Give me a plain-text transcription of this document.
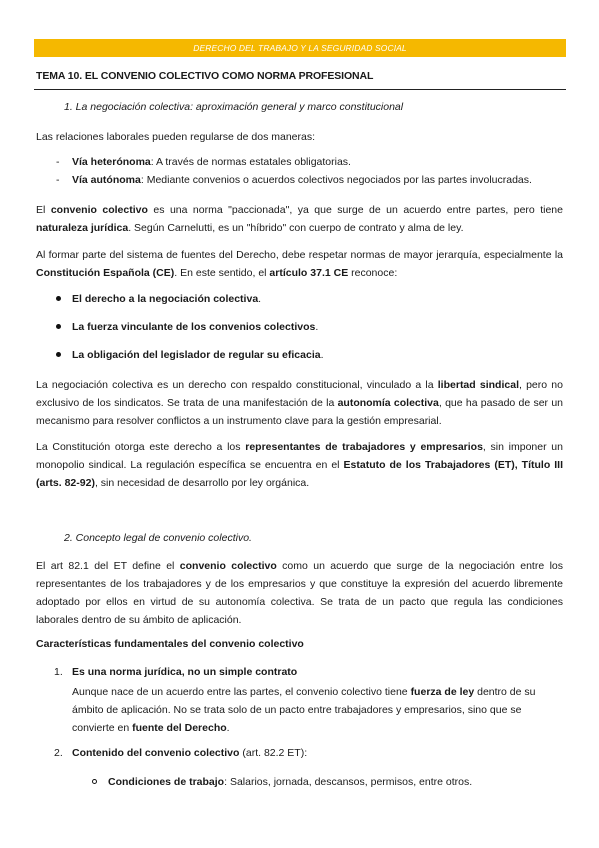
DERECHO DEL TRABAJO Y LA SEGURIDAD SOCIAL
TEMA 10. EL CONVENIO COLECTIVO COMO NORMA PROFESIONAL
1. La negociación colectiva: aproximación general y marco constitucional
Las relaciones laborales pueden regularse de dos maneras:
- Vía heterónoma: A través de normas estatales obligatorias.
- Vía autónoma: Mediante convenios o acuerdos colectivos negociados por las partes involucradas.
El convenio colectivo es una norma "paccionada", ya que surge de un acuerdo entre partes, pero tiene naturaleza jurídica. Según Carnelutti, es un "híbrido" con cuerpo de contrato y alma de ley.
Al formar parte del sistema de fuentes del Derecho, debe respetar normas de mayor jerarquía, especialmente la Constitución Española (CE). En este sentido, el artículo 37.1 CE reconoce:
El derecho a la negociación colectiva.
La fuerza vinculante de los convenios colectivos.
La obligación del legislador de regular su eficacia.
La negociación colectiva es un derecho con respaldo constitucional, vinculado a la libertad sindical, pero no exclusivo de los sindicatos. Se trata de una manifestación de la autonomía colectiva, que ha pasado de ser un mecanismo para resolver conflictos a un instrumento clave para la gestión empresarial.
La Constitución otorga este derecho a los representantes de trabajadores y empresarios, sin imponer un monopolio sindical. La regulación específica se encuentra en el Estatuto de los Trabajadores (ET), Título III (arts. 82-92), sin necesidad de desarrollo por ley orgánica.
2. Concepto legal de convenio colectivo.
El art 82.1 del ET define el convenio colectivo como un acuerdo que surge de la negociación entre los representantes de los trabajadores y de los empresarios y que constituye la expresión del acuerdo libremente adoptado por ellos en virtud de su autonomía colectiva. Se trata de un pacto que regula las condiciones laborales dentro de su ámbito de aplicación.
Características fundamentales del convenio colectivo
1. Es una norma jurídica, no un simple contrato
Aunque nace de un acuerdo entre las partes, el convenio colectivo tiene fuerza de ley dentro de su ámbito de aplicación. No se trata solo de un pacto entre trabajadores y empresarios, sino que se convierte en fuente del Derecho.
2. Contenido del convenio colectivo (art. 82.2 ET):
Condiciones de trabajo: Salarios, jornada, descansos, permisos, entre otros.
